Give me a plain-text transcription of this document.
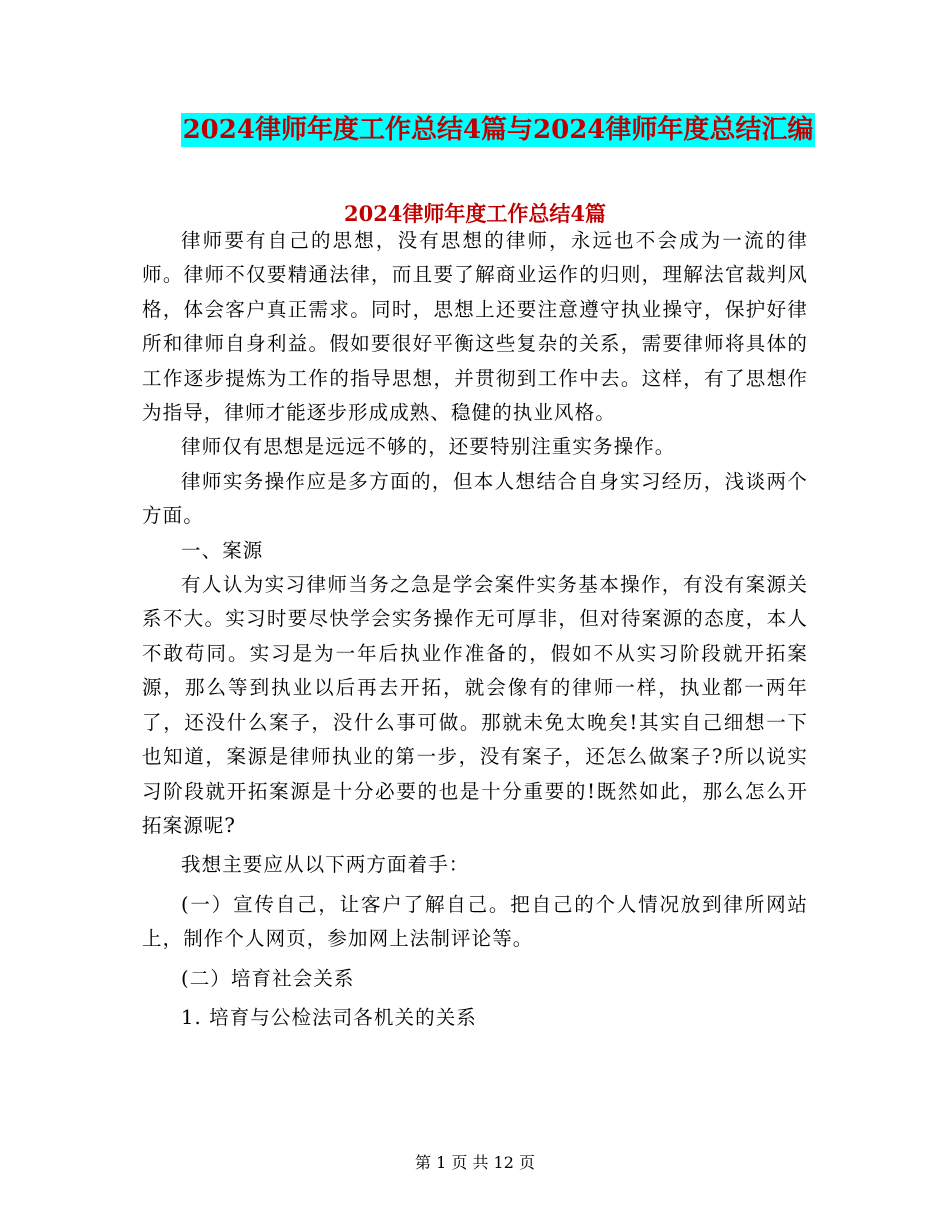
2024律师年度工作总结4篇与2024律师年度总结汇编
2024律师年度工作总结4篇

律师要有自己的思想，没有思想的律师，永远也不会成为一流的律师。律师不仅要精通法律，而且要了解商业运作的归则，理解法官裁判风格，体会客户真正需求。同时，思想上还要注意遵守执业操守，保护好律所和律师自身利益。假如要很好平衡这些复杂的关系，需要律师将具体的工作逐步提炼为工作的指导思想，并贯彻到工作中去。这样，有了思想作为指导，律师才能逐步形成成熟、稳健的执业风格。

律师仅有思想是远远不够的，还要特别注重实务操作。

律师实务操作应是多方面的，但本人想结合自身实习经历，浅谈两个方面。

一、案源

有人认为实习律师当务之急是学会案件实务基本操作，有没有案源关系不大。实习时要尽快学会实务操作无可厚非，但对待案源的态度，本人不敢苟同。实习是为一年后执业作准备的，假如不从实习阶段就开拓案源，那么等到执业以后再去开拓，就会像有的律师一样，执业都一两年了，还没什么案子，没什么事可做。那就未免太晚矣!其实自己细想一下也知道，案源是律师执业的第一步，没有案子，还怎么做案子?所以说实习阶段就开拓案源是十分必要的也是十分重要的!既然如此，那么怎么开拓案源呢?

我想主要应从以下两方面着手：

(一）宣传自己，让客户了解自己。把自己的个人情况放到律所网站上，制作个人网页，参加网上法制评论等。

(二）培育社会关系

1. 培育与公检法司各机关的关系

第 1 页 共 12 页
